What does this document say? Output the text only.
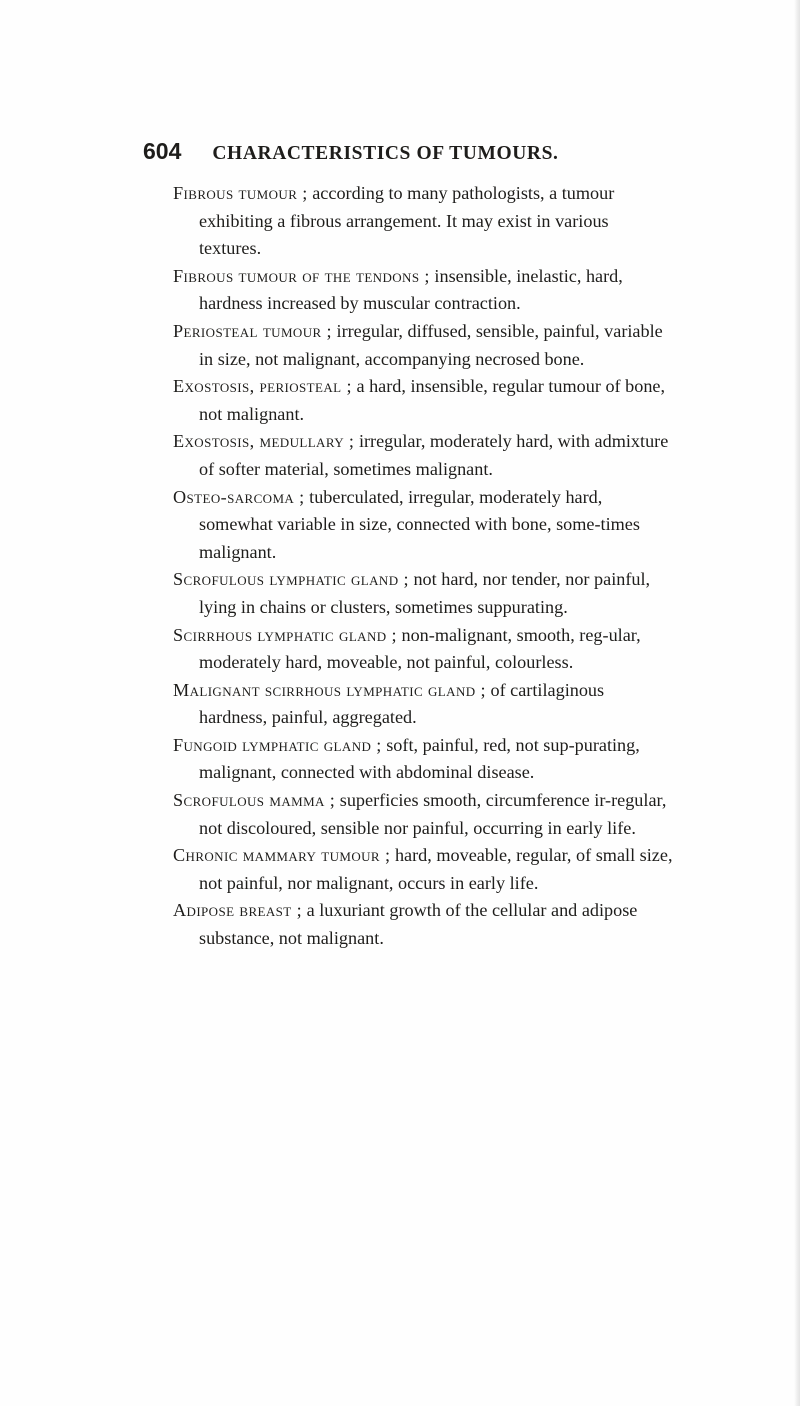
604 CHARACTERISTICS OF TUMOURS.

Fibrous tumour ; according to many pathologists, a tumour exhibiting a fibrous arrangement. It may exist in various textures.

Fibrous tumour of the tendons ; insensible, inelastic, hard, hardness increased by muscular contraction.

Periosteal tumour ; irregular, diffused, sensible, painful, variable in size, not malignant, accompanying necrosed bone.

Exostosis, periosteal ; a hard, insensible, regular tumour of bone, not malignant.

Exostosis, medullary ; irregular, moderately hard, with admixture of softer material, sometimes malignant.

Osteo-sarcoma ; tuberculated, irregular, moderately hard, somewhat variable in size, connected with bone, some-times malignant.

Scrofulous lymphatic gland ; not hard, nor tender, nor painful, lying in chains or clusters, sometimes suppurating.

Scirrhous lymphatic gland ; non-malignant, smooth, reg-ular, moderately hard, moveable, not painful, colourless.

Malignant scirrhous lymphatic gland ; of cartilaginous hardness, painful, aggregated.

Fungoid lymphatic gland ; soft, painful, red, not sup-purating, malignant, connected with abdominal disease.

Scrofulous mamma ; superficies smooth, circumference ir-regular, not discoloured, sensible nor painful, occurring in early life.

Chronic mammary tumour ; hard, moveable, regular, of small size, not painful, nor malignant, occurs in early life.

Adipose breast ; a luxuriant growth of the cellular and adipose substance, not malignant.
